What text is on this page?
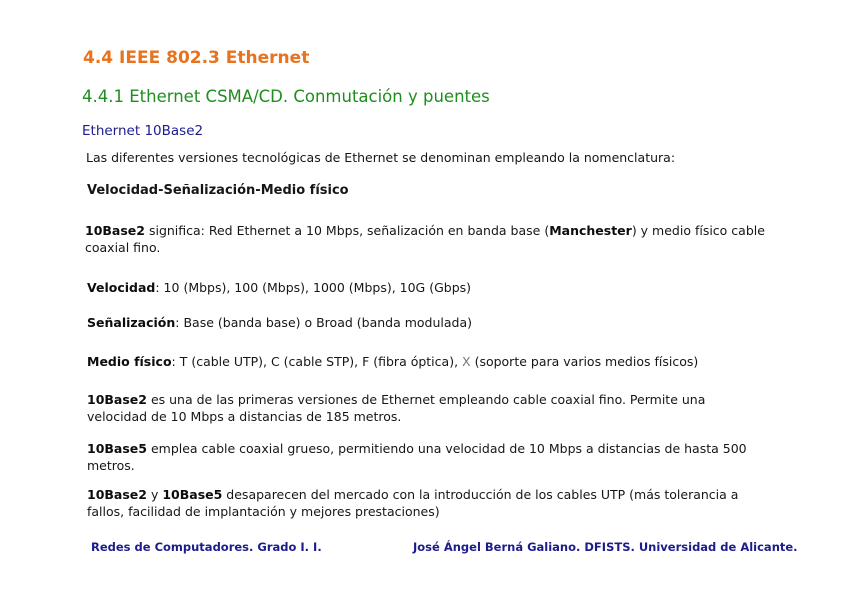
4.4 IEEE 802.3 Ethernet
4.4.1 Ethernet CSMA/CD. Conmutación y puentes
Ethernet 10Base2
Las diferentes versiones tecnológicas de Ethernet se denominan empleando la nomenclatura:
Velocidad-Señalización-Medio físico
10Base2 significa: Red Ethernet a 10 Mbps, señalización en banda base (Manchester) y medio físico cable coaxial fino.
Velocidad: 10 (Mbps), 100 (Mbps), 1000 (Mbps), 10G (Gbps)
Señalización: Base (banda base) o Broad (banda modulada)
Medio físico: T (cable UTP), C (cable STP), F (fibra óptica), X (soporte para varios medios físicos)
10Base2 es una de las primeras versiones de Ethernet empleando cable coaxial fino. Permite una velocidad de 10 Mbps a distancias de 185 metros.
10Base5 emplea cable coaxial grueso, permitiendo una velocidad de 10 Mbps a distancias de hasta 500 metros.
10Base2 y 10Base5 desaparecen del mercado con la introducción de los cables UTP (más tolerancia a fallos, facilidad de implantación y mejores prestaciones)
Redes de Computadores. Grado I. I.	José Ángel Berná Galiano. DFISTS. Universidad de Alicante.
